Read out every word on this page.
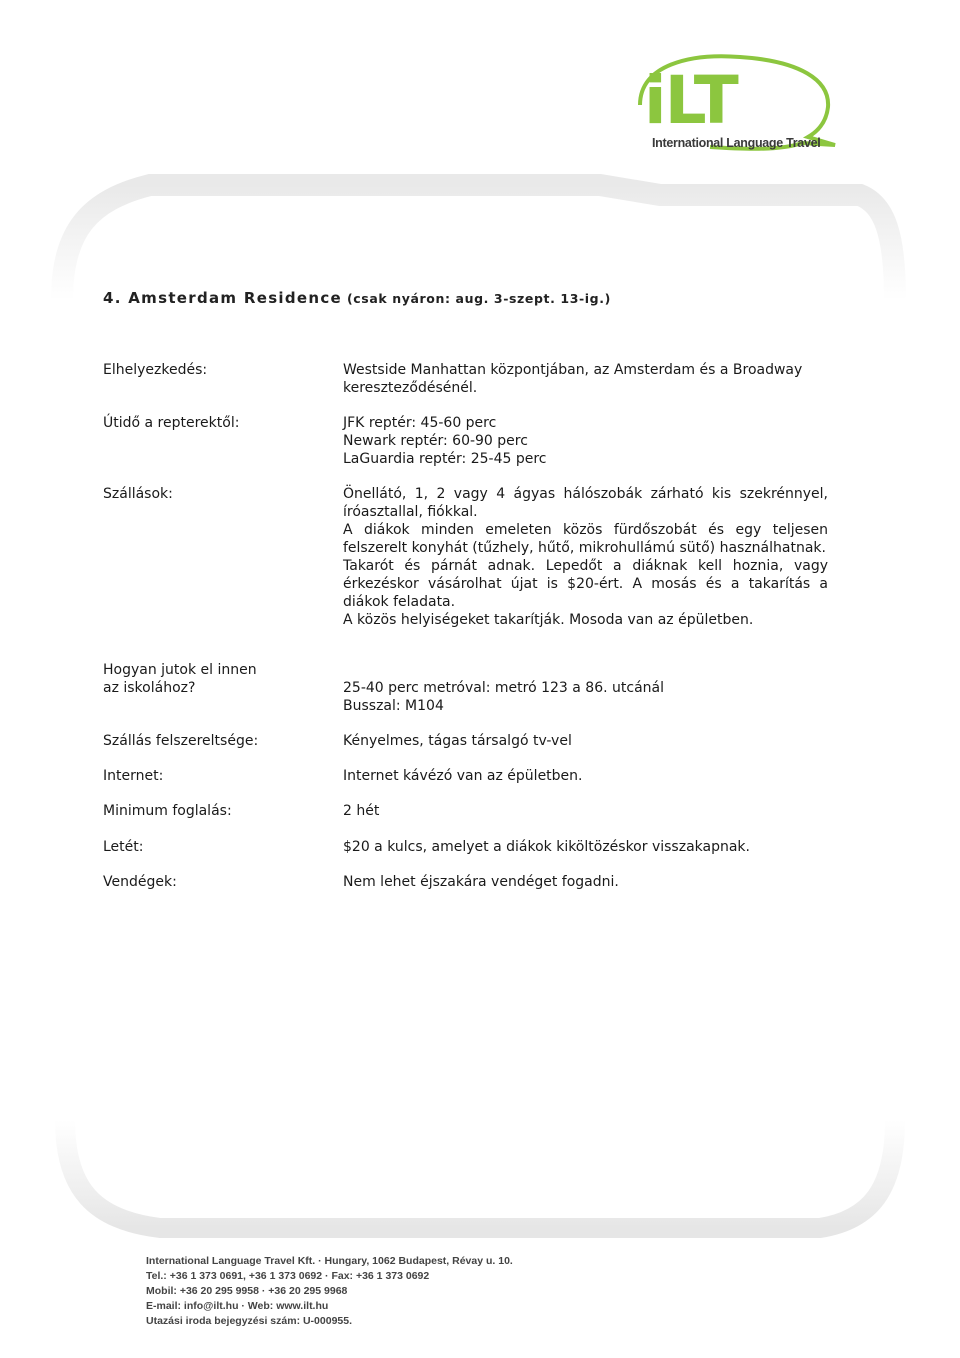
iLT
International Language Travel
4. Amsterdam Residence (csak nyáron: aug. 3-szept. 13-ig.)
Elhelyezkedés:	Westside Manhattan központjában, az Amsterdam és a Broadway kereszteződésénél.

Útidő a repterektől:	JFK reptér: 45-60 perc

Newark reptér: 60-90 perc

LaGuardia reptér: 25-45 perc

Szállások:	Önellátó, 1, 2 vagy 4 ágyas hálószobák zárható kis szekrénnyel, íróasztallal, fiókkal.

A diákok minden emeleten közös fürdőszobát és egy teljesen felszerelt konyhát (tűzhely, hűtő, mikrohullámú sütő) használhatnak.

Takarót és párnát adnak. Lepedőt a diáknak kell hoznia, vagy érkezéskor vásárolhat újat is $20-ért. A mosás és a takarítás a diákok feladata.

A közös helyiségeket takarítják. Mosoda van az épületben.

Hogyan jutok el innen az iskolához?	25-40 perc metróval: metró 123 a 86. utcánál

Busszal: M104

Szállás felszereltsége:	Kényelmes, tágas társalgó tv-vel
Internet:	Internet kávézó van az épületben.
Minimum foglalás:	2 hét
Letét:	$20 a kulcs, amelyet a diákok kiköltözéskor visszakapnak.
Vendégek:	Nem lehet éjszakára vendéget fogadni.
International Language Travel Kft. · Hungary, 1062 Budapest, Révay u. 10.
Tel.: +36 1 373 0691, +36 1 373 0692 · Fax: +36 1 373 0692
Mobil: +36 20 295 9958 · +36 20 295 9968
E-mail: info@ilt.hu · Web: www.ilt.hu
Utazási iroda bejegyzési szám: U-000955.
